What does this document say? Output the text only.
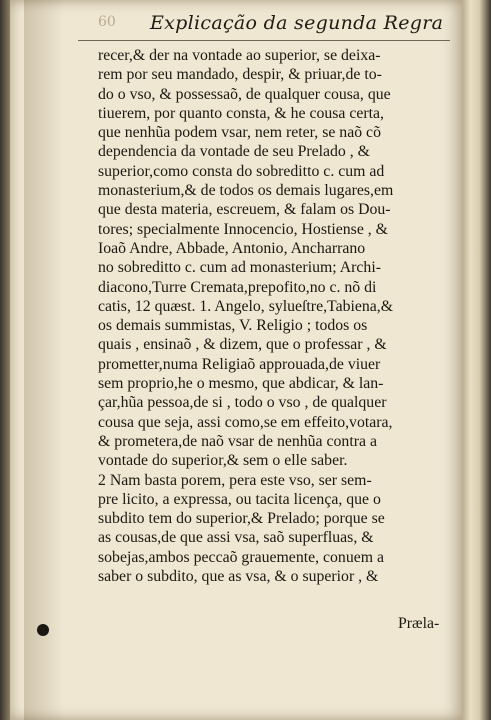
60 Explicação da segunda Regra
recer,& der na vontade ao superior, se deixa-
rem por seu mandado, despir, & priuar,de to-
do o vso, & possessaõ, de qualquer cousa, que
tiuerem, por quanto consta, & he cousa certa,
que nenhũa podem vsar, nem reter, se naõ cõ
dependencia da vontade de seu Prelado , &
superior,como consta do sobreditto c. cum ad
monasterium,& de todos os demais lugares,em
que desta materia, escreuem, & falam os Dou-
tores; specialmente Innocencio, Hostiense , &
Ioaõ Andre, Abbade, Antonio, Ancharrano
no sobreditto c. cum ad monasterium; Archi-
diacono,Turre Cremata,prepofito,no c. nõ di
catis, 12 quæst. 1. Angelo, sylueſtre,Tabiena,&
os demais summistas, V. Religio ; todos os
quais , ensinaõ , & dizem, que o professar , &
prometter,numa Religiaõ approuada,de viuer
sem proprio,he o mesmo, que abdicar, & lan-
çar,hũa pessoa,de si , todo o vso , de qualquer
cousa que seja, assi como,se em effeito,votara,
& prometera,de naõ vsar de nenhũa contra a
vontade do superior,& sem o elle saber.
2 Nam basta porem, pera este vso, ser sem-
pre licito, a expressa, ou tacita licença, que o
subdito tem do superior,& Prelado; porque se
as cousas,de que assi vsa, saõ superfluas, &
sobejas,ambos peccaõ grauemente, conuem a
saber o subdito, que as vsa, & o superior , &
Præla-
